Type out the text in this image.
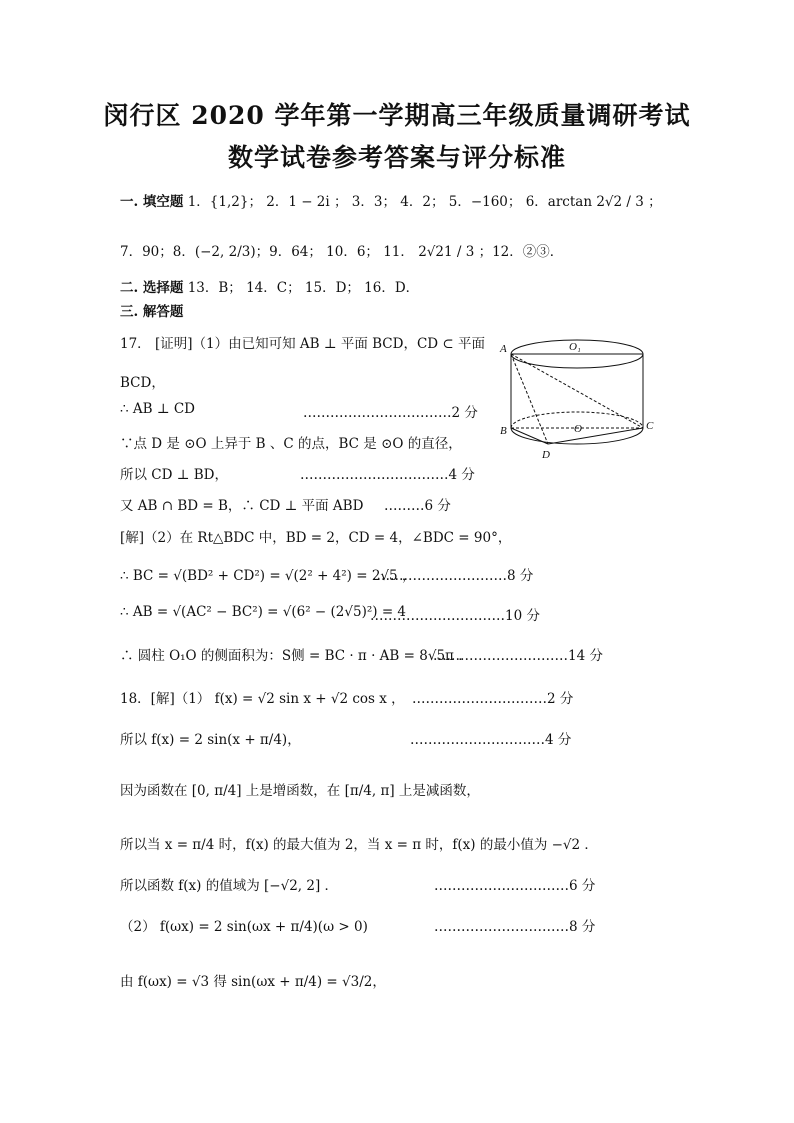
闵行区 2020 学年第一学期高三年级质量调研考试
数学试卷参考答案与评分标准
一. 填空题 1．{1,2}； 2．1 − 2i ； 3．3； 4．2； 5．−160； 6．arctan 2√2 / 3 ；
7．90；8．(−2, 2/3)；9．64； 10．6； 11． 2√21 / 3 ；12．②③．
二. 选择题 13．B； 14．C； 15．D； 16．D．
三. 解答题
17． [证明]（1）由已知可知 AB ⊥ 平面 BCD，CD ⊂ 平面
BCD，
∴ AB ⊥ CD	……………………………2 分
∵点 D 是 ⊙O 上异于 B 、C 的点，BC 是 ⊙O 的直径，
所以 CD ⊥ BD，	……………………………4 分
又 AB ∩ BD = B，∴ CD ⊥ 平面 ABD ………6 分
[解]（2）在 Rt△BDC 中，BD = 2，CD = 4，∠BDC = 90°，
∴ BC = √(BD² + CD²) = √(2² + 4²) = 2√5 ，
…………………………8 分
∴ AB = √(AC² − BC²) = √(6² − (2√5)²) = 4
…………………………10 分
∴ 圆柱 O₁O 的侧面积为：S侧 = BC · π · AB = 8√5π ．
…………………………14 分
A	O₁
B	O	C
D
18．[解]（1） f(x) = √2 sin x + √2 cos x ， …………………………2 分
所以 f(x) = 2 sin(x + π/4)，	…………………………4 分
因为函数在 [0, π/4] 上是增函数，在 [π/4, π] 上是减函数，
所以当 x = π/4 时，f(x) 的最大值为 2，当 x = π 时，f(x) 的最小值为 −√2 ．
所以函数 f(x) 的值域为 [−√2, 2] ．	…………………………6 分
（2） f(ωx) = 2 sin(ωx + π/4)(ω > 0)	…………………………8 分
由 f(ωx) = √3 得 sin(ωx + π/4) = √3/2，
